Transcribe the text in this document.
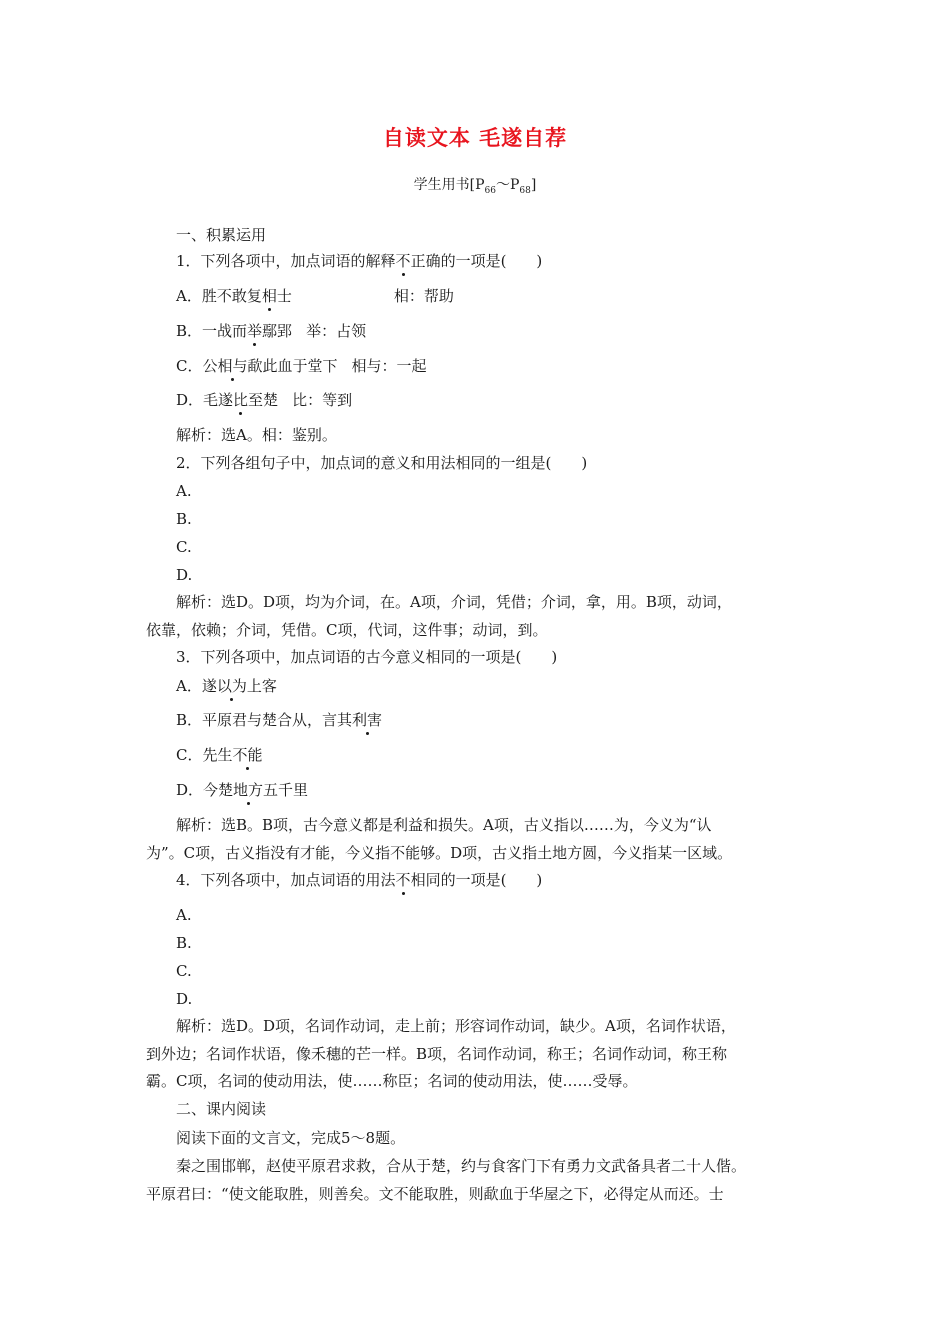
自读文本 毛遂自荐
学生用书$[P_{66}\sim P_{68}]$
一、积累运用
1．下列各项中，加点词语的解释不正确的一项是(　　)
A．胜不敢复相士	相：帮助
B．一战而举鄢郢 举：占领
C．公相与歃此血于堂下 相与：一起
D．毛遂比至楚 比：等到
解析：选A。相：鉴别。
2．下列各组句子中，加点词的意义和用法相同的一组是(　　)
A.
B.
C.
D.
解析：选D。D项，均为介词，在。A项，介词，凭借；介词，拿，用。B项，动词，
依靠，依赖；介词，凭借。C项，代词，这件事；动词，到。
3．下列各项中，加点词语的古今意义相同的一项是(　　)
A．遂以为上客
B．平原君与楚合从，言其利害
C．先生不能
D．今楚地方五千里
解析：选B。B项，古今意义都是利益和损失。A项，古义指以……为，今义为“认
为”。C项，古义指没有才能，今义指不能够。D项，古义指土地方圆，今义指某一区域。
4．下列各项中，加点词语的用法不相同的一项是(　　)
A.
B.
C.
D.
解析：选D。D项，名词作动词，走上前；形容词作动词，缺少。A项，名词作状语，
到外边；名词作状语，像禾穗的芒一样。B项，名词作动词，称王；名词作动词，称王称
霸。C项，名词的使动用法，使……称臣；名词的使动用法，使……受辱。
二、课内阅读
阅读下面的文言文，完成5～8题。
秦之围邯郸，赵使平原君求救，合从于楚，约与食客门下有勇力文武备具者二十人偕。
平原君曰：“使文能取胜，则善矣。文不能取胜，则歃血于华屋之下，必得定从而还。士
